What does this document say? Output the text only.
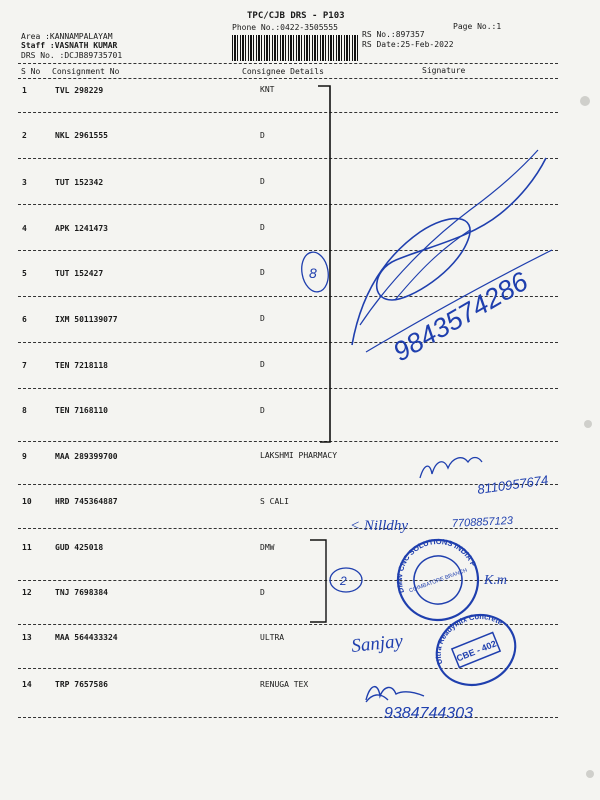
TPC/CJB DRS - P103
Phone No.:0422-3505555	Page No.:1
Area :KANNAMPALAYAM
Staff :VASNATH KUMAR
DRS No. :DCJB89735701
RS No.:897357
RS Date:25-Feb-2022
S No Consignment No	Consignee Details	Signature
1	TVL 298229	KNT
2	NKL 2961555	D
3	TUT 152342	D
4	APK 1241473	D
5	TUT 152427	D
6	IXM 501139077	D
7	TEN 7218118	D
8	TEN 7168110	D
9	MAA 289399700	LAKSHMI PHARMACY
10	HRD 745364887	S CALI
11	GUD 425018	DMW
12	TNJ 7698384	D
13	MAA 564433324	ULTRA
14	TRP 7657586	RENUGA TEX
8	9843574286
8110957674
< Nilldhy	7708857123
2
DMW CNC SOLUTIONS INDIA PVT
COIMBATORE BRANCH K.m
Sanjay
Ultra Readymix Concrete
CBE - 402
9384744303
